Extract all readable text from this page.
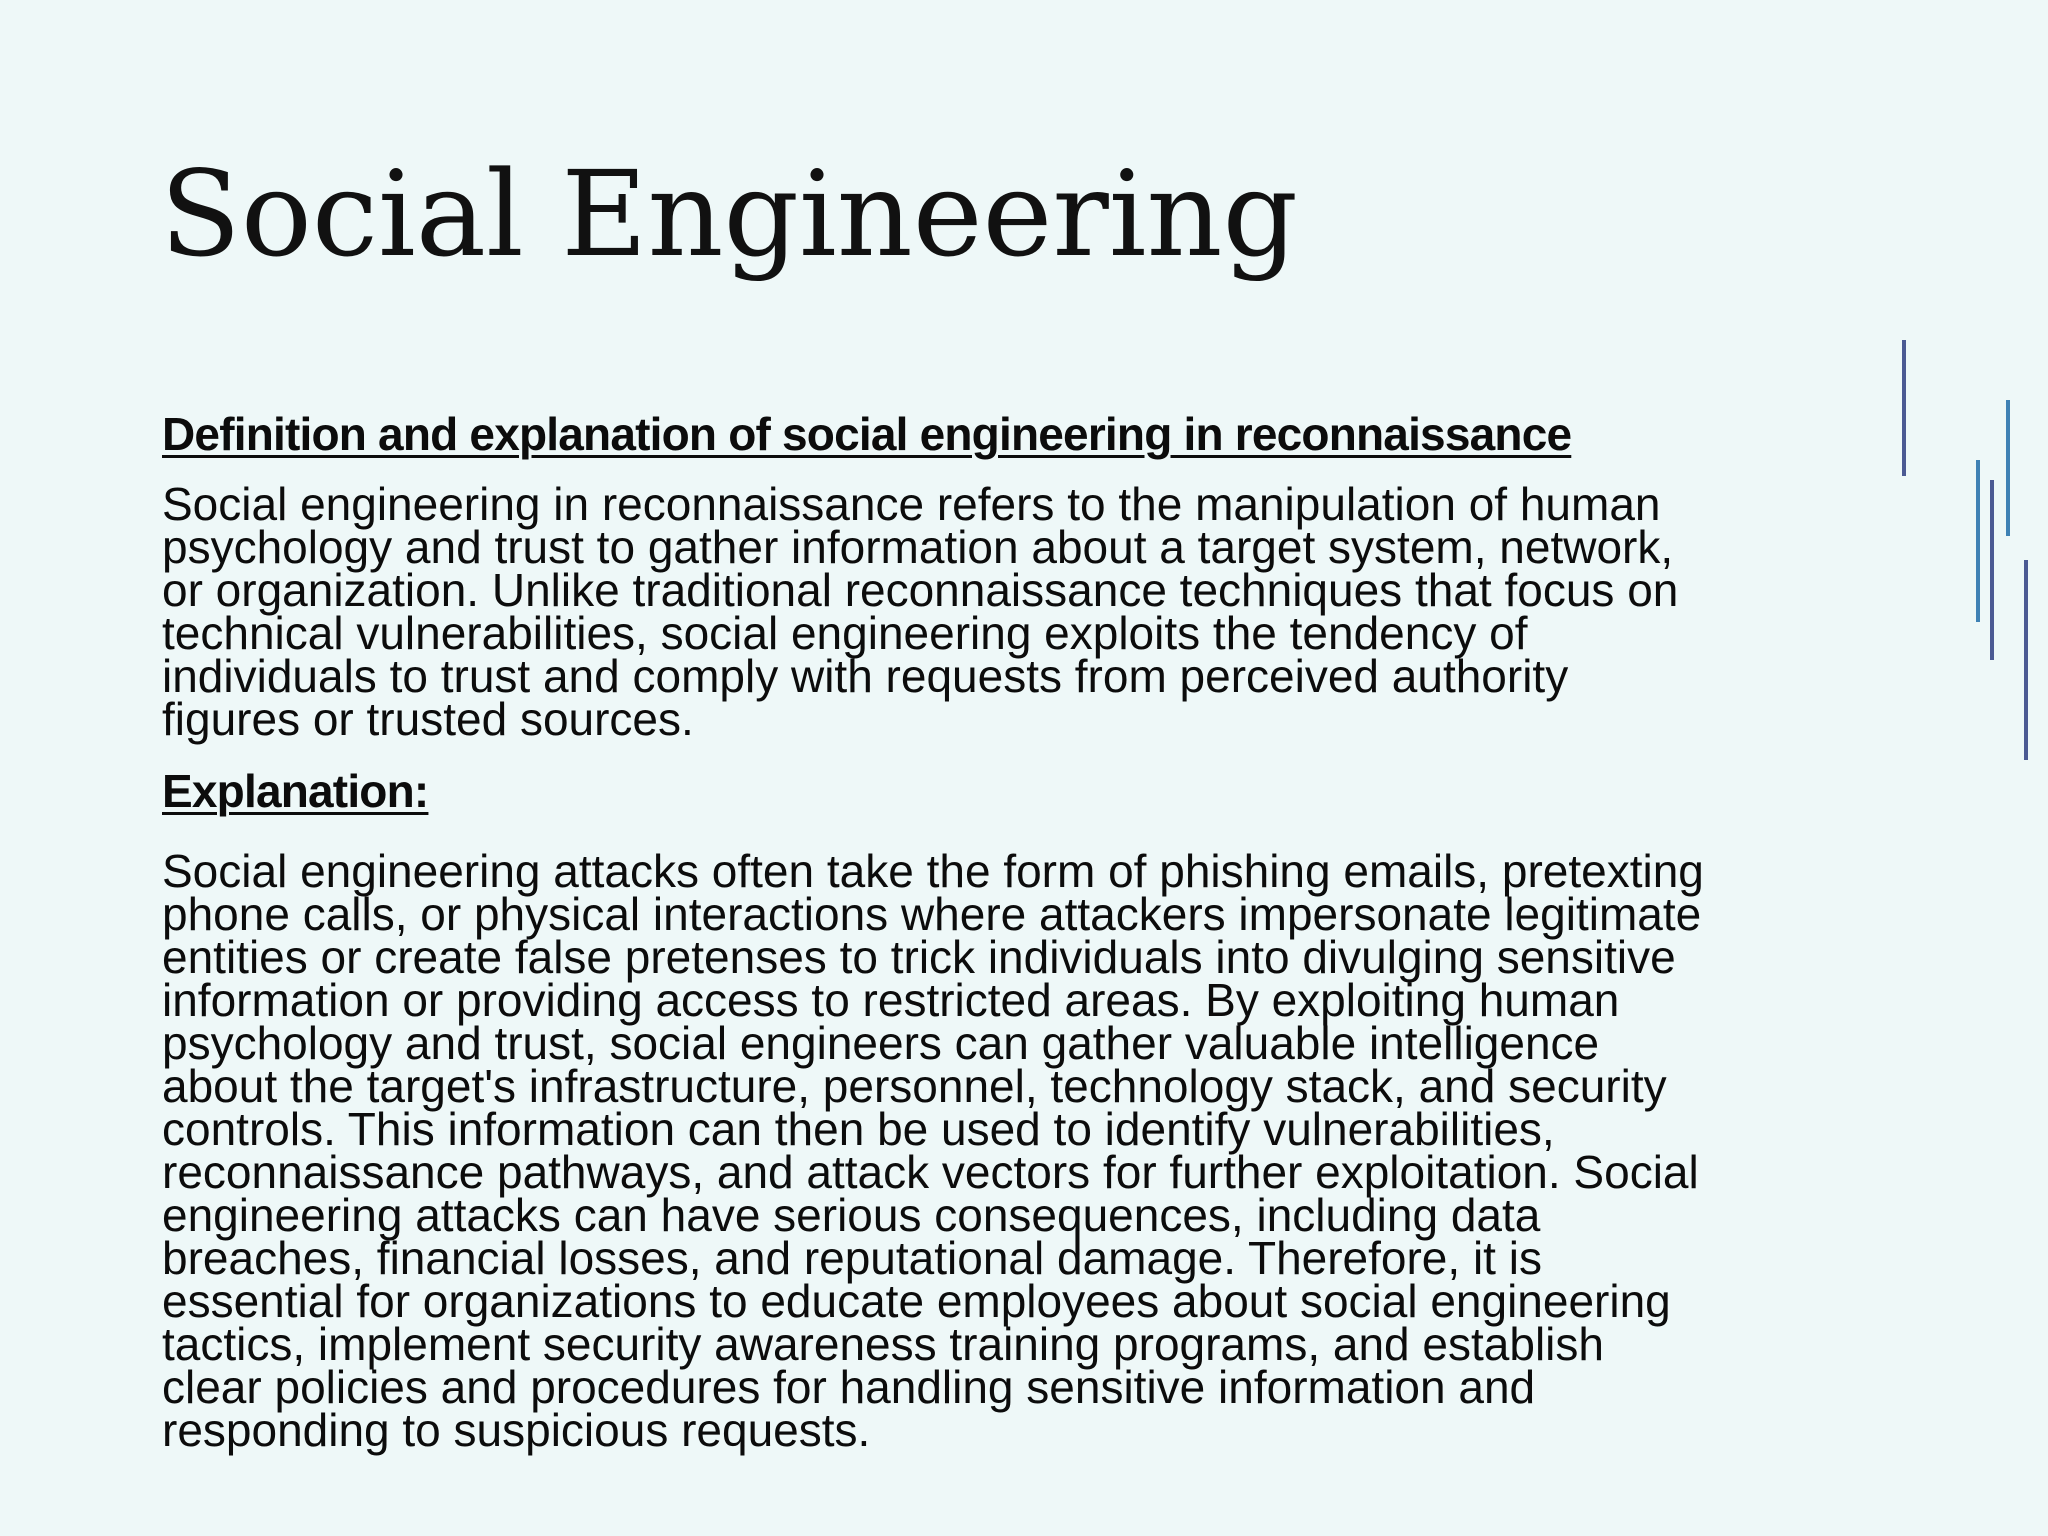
Social Engineering
Definition and explanation of social engineering in reconnaissance

Social engineering in reconnaissance refers to the manipulation of human
psychology and trust to gather information about a target system, network,
or organization. Unlike traditional reconnaissance techniques that focus on
technical vulnerabilities, social engineering exploits the tendency of
individuals to trust and comply with requests from perceived authority
figures or trusted sources.

Explanation:

Social engineering attacks often take the form of phishing emails, pretexting
phone calls, or physical interactions where attackers impersonate legitimate
entities or create false pretenses to trick individuals into divulging sensitive
information or providing access to restricted areas. By exploiting human
psychology and trust, social engineers can gather valuable intelligence
about the target's infrastructure, personnel, technology stack, and security
controls. This information can then be used to identify vulnerabilities,
reconnaissance pathways, and attack vectors for further exploitation. Social
engineering attacks can have serious consequences, including data
breaches, financial losses, and reputational damage. Therefore, it is
essential for organizations to educate employees about social engineering
tactics, implement security awareness training programs, and establish
clear policies and procedures for handling sensitive information and
responding to suspicious requests.
